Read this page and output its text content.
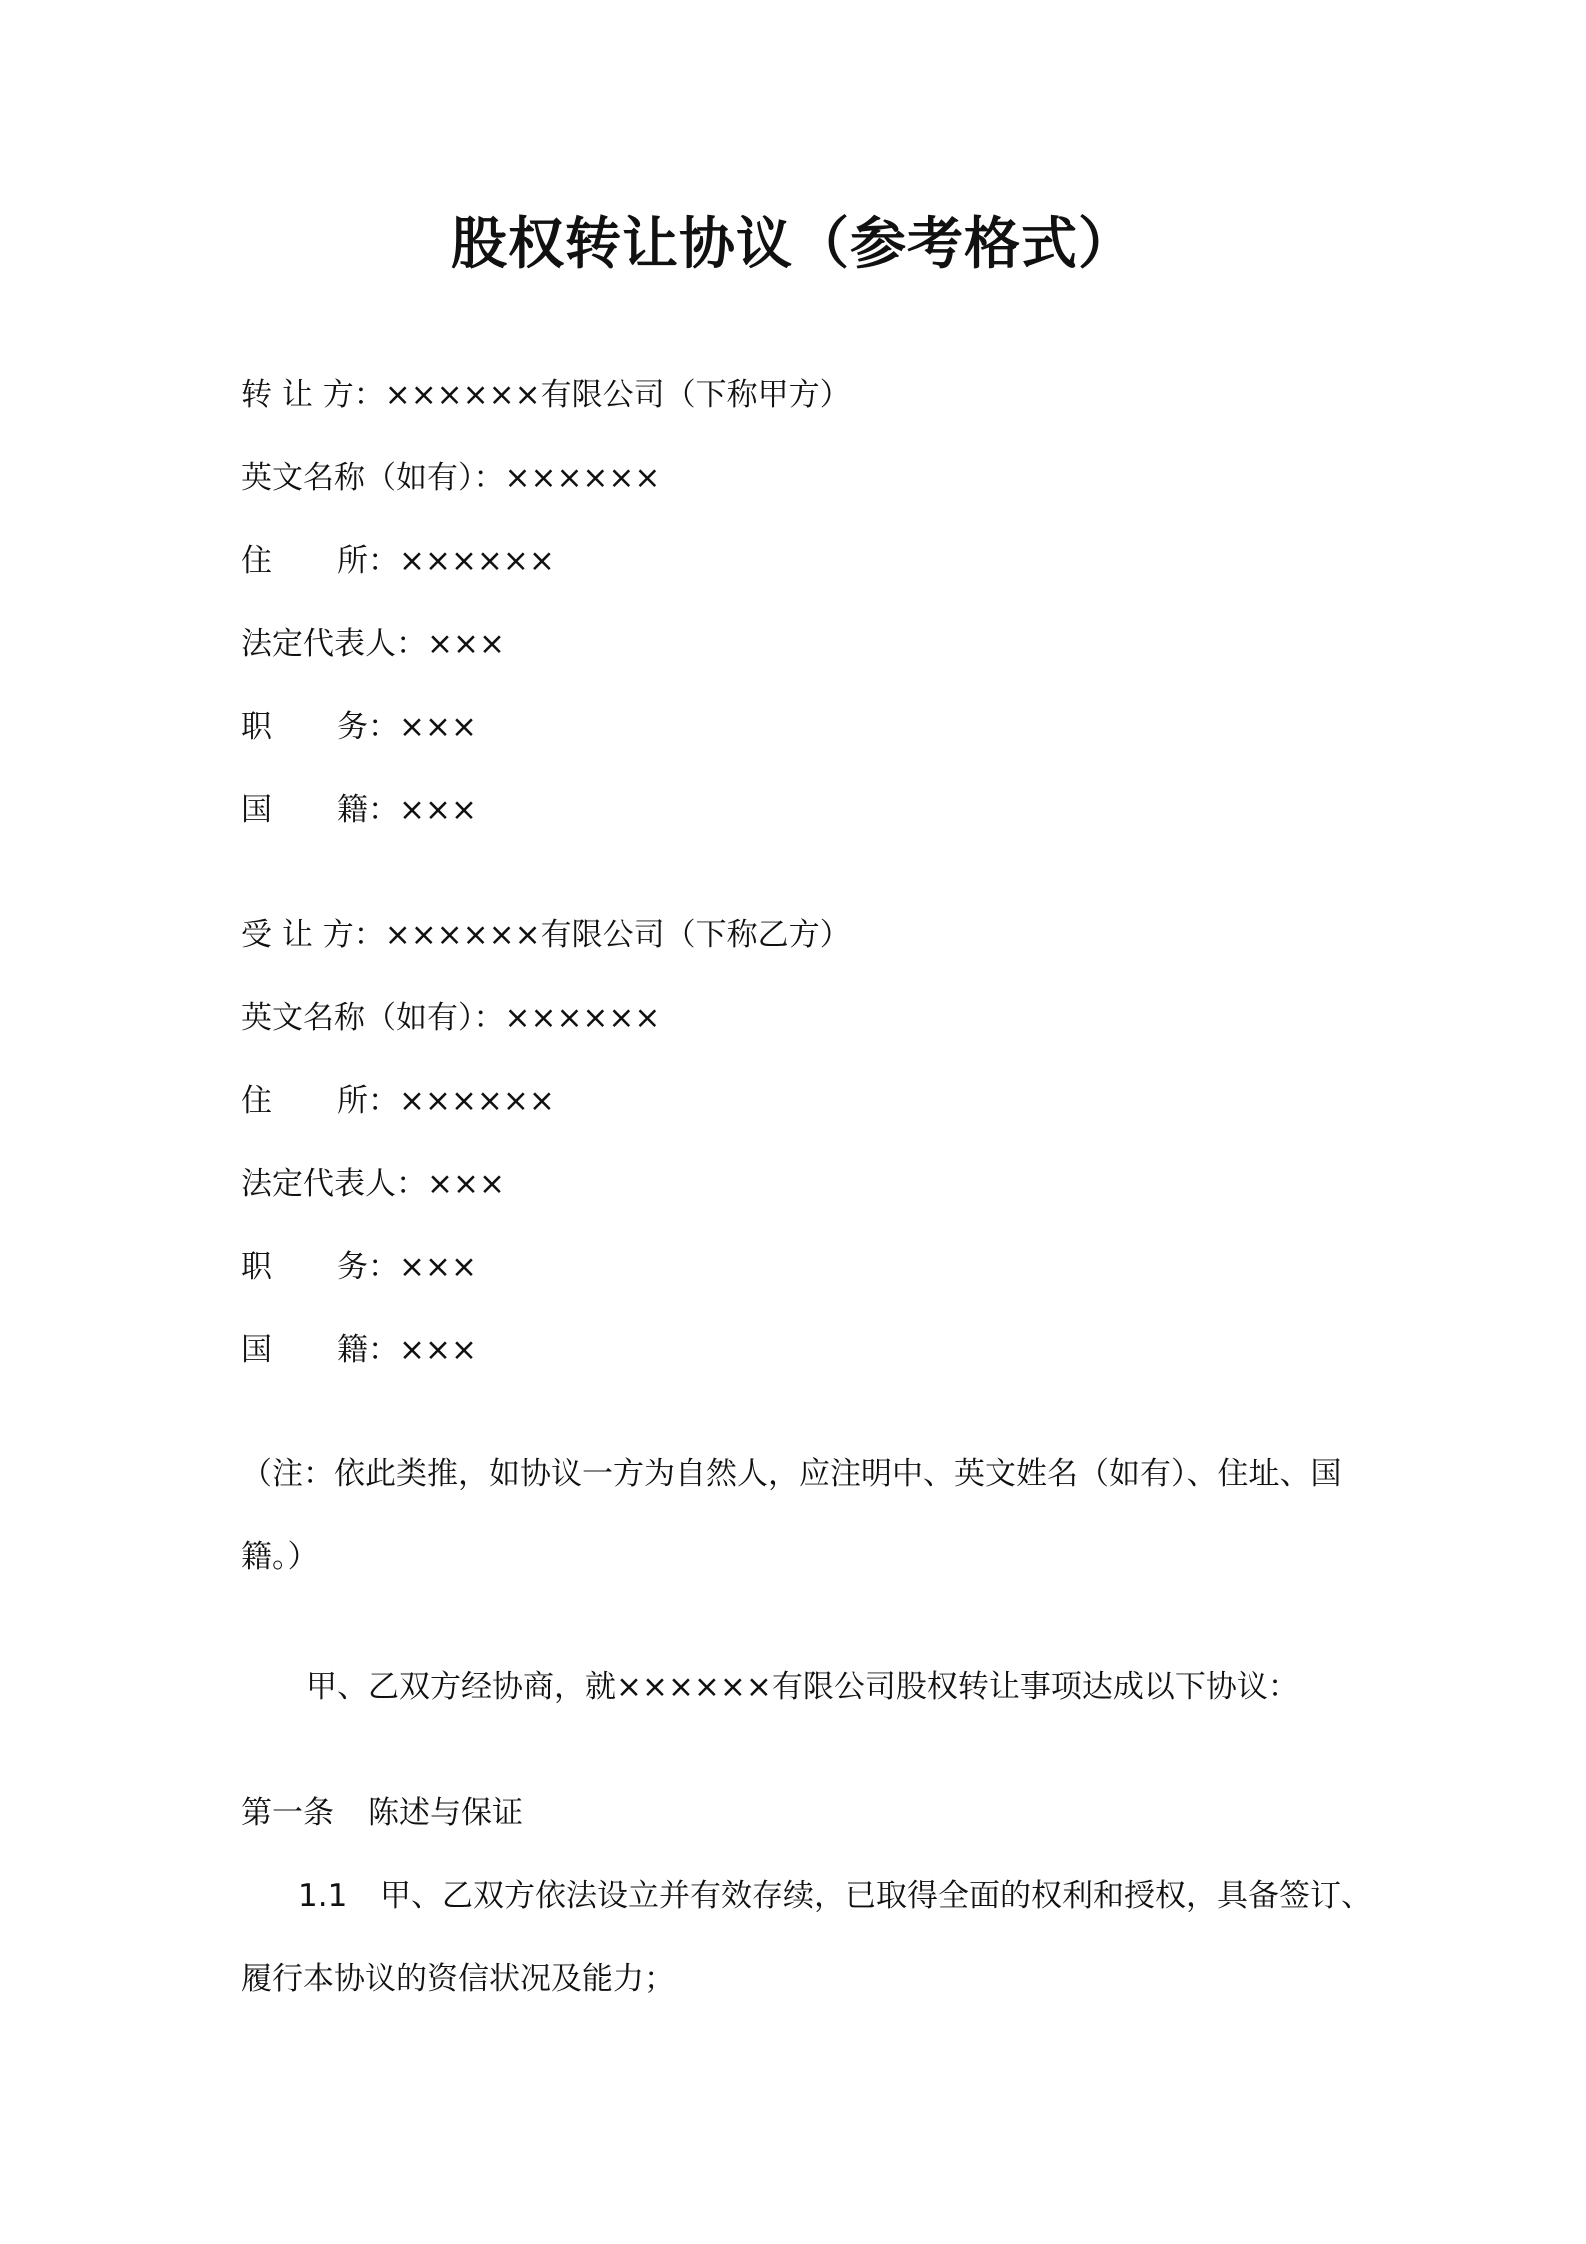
股权转让协议（参考格式）
转 让 方：××××××有限公司（下称甲方）
英文名称（如有）：××××××
住 所：××××××
法定代表人：×××
职 务：×××
国 籍：×××
受 让 方：××××××有限公司（下称乙方）
英文名称（如有）：××××××
住 所：××××××
法定代表人：×××
职 务：×××
国 籍：×××
（注：依此类推，如协议一方为自然人，应注明中、英文姓名（如有）、住址、国
籍。）
甲、乙双方经协商，就××××××有限公司股权转让事项达成以下协议：
第一条 陈述与保证
1.1 甲、乙双方依法设立并有效存续，已取得全面的权利和授权，具备签订、
履行本协议的资信状况及能力；
